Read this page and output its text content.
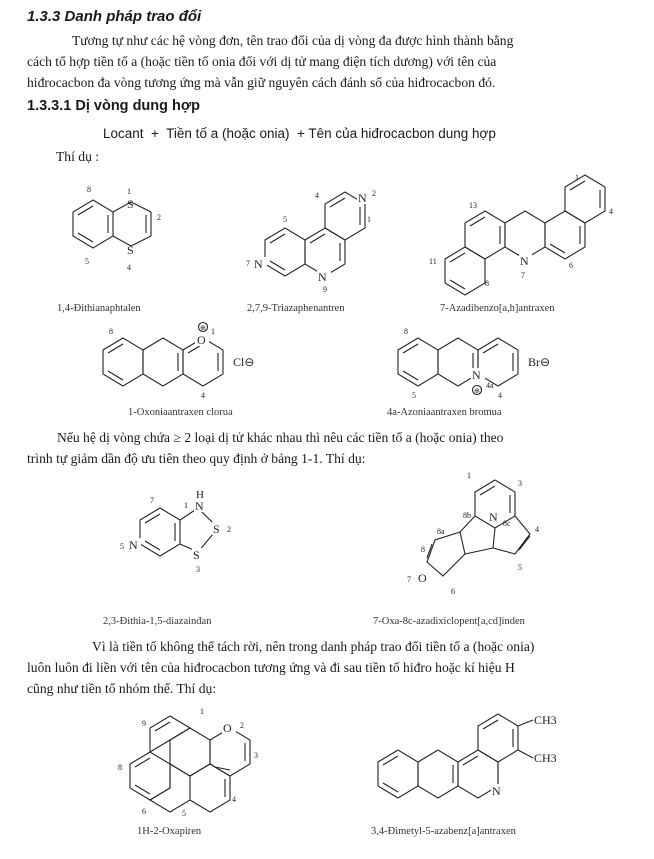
1.3.3 Danh pháp trao đổi
Tương tự như các hệ vòng đơn, tên trao đổi của dị vòng đa được hình thành bằng
cách tổ hợp tiền tố a (hoặc tiền tố onia đối với dị tử mang điện tích dương) với tên của
hiđrocacbon đa vòng tương ứng mà vẫn giữ nguyên cách đánh số của hiđrocacbon đó.
1.3.3.1 Dị vòng dung hợp
Locant  +  Tiền tố a (hoặc onia)  + Tên của hiđrocacbon dung hợp
Thí dụ :
S
S
1
2
4
8
5
N
N
N
2
1
4
5
7
9
N
13
1
4
6
7
11
8
1,4-Đithianaphtalen	2,7,9-Triazaphenantren	7-Azadibenzo[a,h]antraxen
O
⊕ 1
8
4
Cl⊖
N
⊕
8
5
4a
4
Br⊖
1-Oxoniaantraxen clorua	4a-Azoniaantraxen bromua
Nếu hệ dị vòng chứa ≥ 2 loại dị tử khác nhau thì nêu các tiền tố a (hoặc onia) theo
trình tự giảm dần độ ưu tiên theo quy định ở bảng 1-1. Thí dụ:
N
H
S
S
N
1
2
3
5
7
N
O
1
3
4
5
6
7
8
8a
8b
8c
2,3-Đithia-1,5-diazainđan	7-Oxa-8c-azadixiclopent[a,cd]inden
Vì là tiền tố không thể tách rời, nên trong danh pháp trao đổi tiền tố a (hoặc onia)
luôn luôn đi liền với tên của hiđrocacbon tương ứng và đi sau tiền tố hiđro hoặc kí hiệu H
cũng như tiền tố nhóm thế. Thí dụ:
O
1
2
3
4
5
6
8
9
N
CH3
CH3
1H-2-Oxapiren	3,4-Đimetyl-5-azabenz[a]antraxen
